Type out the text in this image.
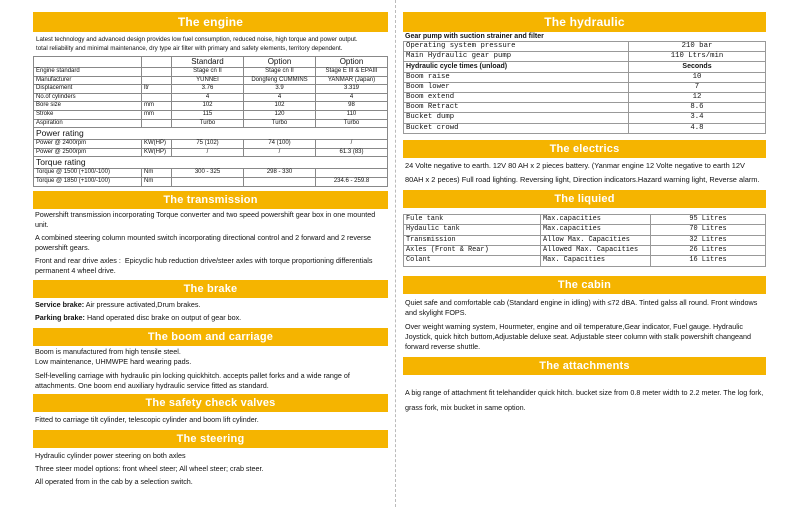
The engine

Latest technology and advanced design provides low fuel consumption, reduced noise, high torque and power output.

total reliability and minimal maintenance, dry type air filter with primary and safety elements, territory dependent.

		Standard	Option	Option
Engine standard		Stage cn II	Stage cn II	Stage E III & EPAIII
Manufacturer		YUNNEI	Dongfeng CUMMINS	YANMAR (Japan)
Displacement	ltr	3.76	3.9	3.319
No.of cylinders		4	4	4
Bore size	mm	102	102	98
Stroke	mm	115	120	110
Aspiration		Turbo	Turbo	Turbo
Power rating				
Power @ 2400rpm	KW(HP)	75 (102)	74 (100)	/
Power @ 2500rpm	KW(HP)	/	/	61.3 (83)
Torque rating				
Torque @ 1500 (+100/-100)	Nm	300 - 325	298 - 330	
Torque @ 1850 (+100/-100)	Nm			234.6 - 259.8
The transmission

Powershift transmission incorporating Torque converter and two speed powershift gear box in one mounted unit.

A combined steering column mounted switch incorporating directional control and 2 forward and 2 reverse powershift gears.

Front and rear drive axles :  Epicyclic hub reduction drive/steer axles with torque proportioning differentials permanent 4 wheel drive.

The brake

Service brake: Air pressure activated,Drum brakes.

Parking brake: Hand operated disc brake on output of gear box.

The boom and carriage

Boom is manufactured from high tensile steel.

Low maintenance, UHMWPE hard wearing pads.

Self-levelling carriage with hydraulic pin locking quickhitch. accepts pallet forks and a wide range of attachments. One boom end auxiliary hydraulic service fitted as standard.

The safety check valves

Fitted to carriage tilt cylinder, telescopic cylinder and boom lift cylinder.

The steering

Hydraulic cylinder power steering on both axles

Three steer model options: front wheel steer; All wheel steer; crab steer.

All operated from in the cab by a selection switch.

The hydraulic

Gear pump with suction strainer and filter

Operating system pressure	210 bar
Main Hydraulic gear pump	110 Ltrs/min
Hydraulic cycle times (unload)	Seconds
Boom raise	10
Boom lower	7
Boom extend	12
Boom Retract	8.6
Bucket dump	3.4
Bucket crowd	4.8
The electrics

24 Volte negative to earth. 12V 80 AH x 2 pieces battery. (Yanmar engine 12 Volte negative to earth 12V 80AH x 2 peces) Full road lighting. Reversing light, Direction indicators.Hazard warning light, Reverse alarm.

The liquied
Fule tank	Max.capacities	95 Litres
Hydaulic tank	Max.capacities	70 Litres
Transmission	Allow Max. Capacities	32 Litres
Axles (Front & Rear)	Allowed Max. Capacities	26 Litres
Colant	Max. Capacities	16 Litres
The cabin

Quiet safe and comfortable cab (Standard engine in idling) with ≤72 dBA. Tinted galss all round. Front windows and skylight FOPS.

Over weight warning system, Hourmeter, engine and oil temperature,Gear indicator, Fuel gauge. Hydraulic Joystick, quick hitch buttom,Adjustable deluxe seat. Adjustable steer column with stalk powershift changeand forward reverse shuttle.

The attachments

A big range of attachment fit telehandider quick hitch. bucket size from 0.8 meter width to 2.2 meter. The log fork, grass fork, mix bucket in same option.
